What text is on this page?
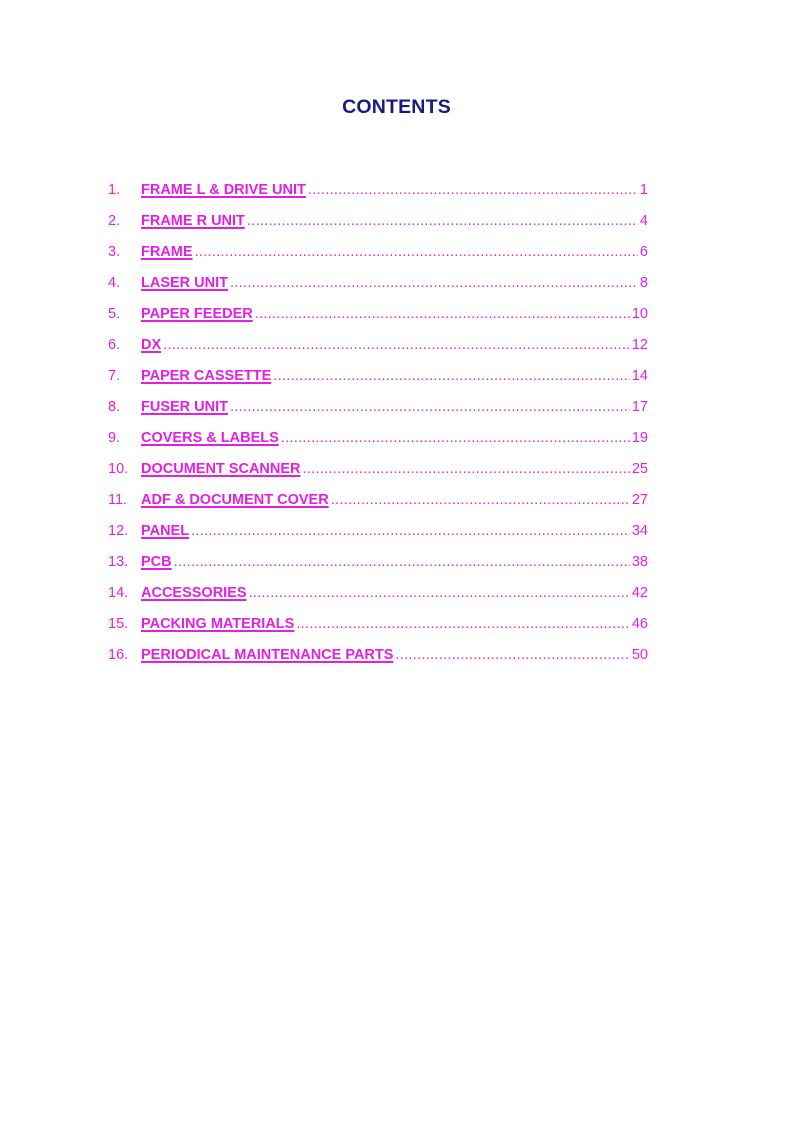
CONTENTS
1.	FRAME L & DRIVE UNIT .....	1
2.	FRAME R UNIT .....	4
3.	FRAME .....	6
4.	LASER UNIT .....	8
5.	PAPER FEEDER .....	10
6.	DX .....	12
7.	PAPER CASSETTE .....	14
8.	FUSER UNIT .....	17
9.	COVERS & LABELS .....	19
10. DOCUMENT SCANNER .....	25
11. ADF & DOCUMENT COVER .....	27
12. PANEL .....	34
13. PCB .....	38
14. ACCESSORIES .....	42
15. PACKING MATERIALS .....	46
16. PERIODICAL MAINTENANCE PARTS .....	50
